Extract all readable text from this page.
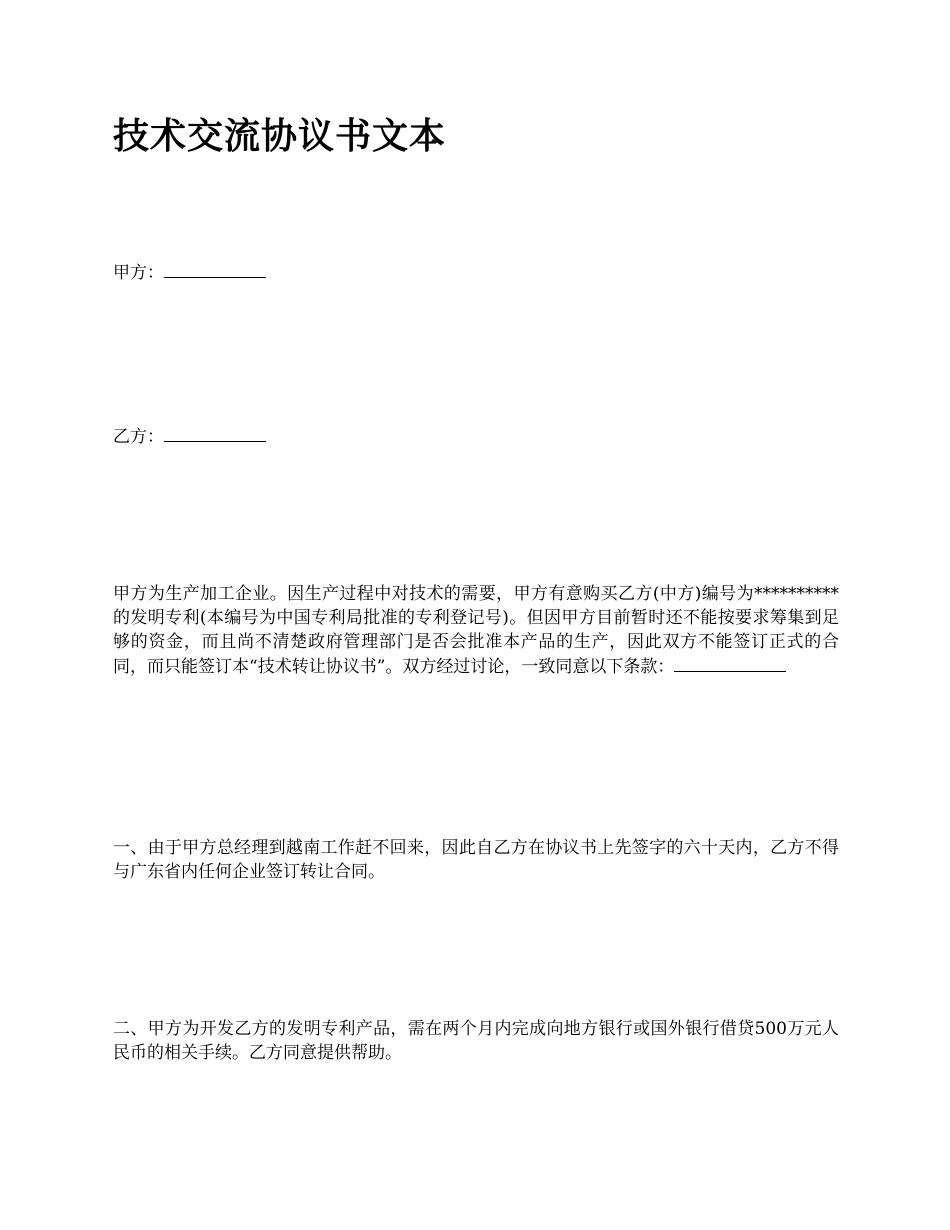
技术交流协议书文本

甲方：

乙方：

甲方为生产加工企业。因生产过程中对技术的需要，甲方有意购买乙方(中方)编号为**********的发明专利(本编号为中国专利局批准的专利登记号)。但因甲方目前暂时还不能按要求筹集到足够的资金，而且尚不清楚政府管理部门是否会批准本产品的生产，因此双方不能签订正式的合同，而只能签订本“技术转让协议书”。双方经过讨论，一致同意以下条款：

一、由于甲方总经理到越南工作赶不回来，因此自乙方在协议书上先签字的六十天内，乙方不得与广东省内任何企业签订转让合同。

二、甲方为开发乙方的发明专利产品，需在两个月内完成向地方银行或国外银行借贷500万元人民币的相关手续。乙方同意提供帮助。
